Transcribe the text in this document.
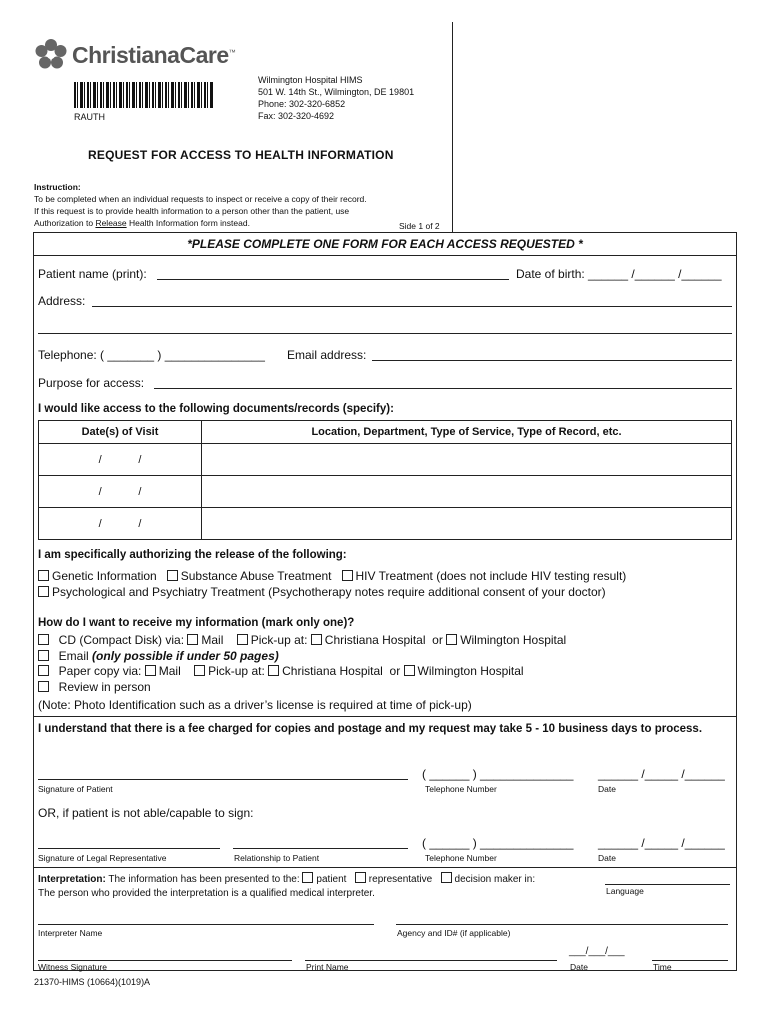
ChristianaCare™
RAUTH
Wilmington Hospital HIMS
501 W. 14th St., Wilmington, DE 19801
Phone: 302-320-6852
Fax: 302-320-4692
REQUEST FOR ACCESS TO HEALTH INFORMATION
Instruction:
To be completed when an individual requests to inspect or receive a copy of their record.
If this request is to provide health information to a person other than the patient, use
Authorization to Release Health Information form instead.	Side 1 of 2
*PLEASE COMPLETE ONE FORM FOR EACH ACCESS REQUESTED *
Patient name (print):	Date of birth: ______ /______ /______
Address:
Telephone: ( _______ ) _______________ Email address:
Purpose for access:
I would like access to the following documents/records (specify):
Date(s) of Visit	Location, Department, Type of Service, Type of Record, etc.
/            /	
/            /	
/            /	
I am specifically authorizing the release of the following:
Genetic Information Substance Abuse Treatment HIV Treatment (does not include HIV testing result)
Psychological and Psychiatry Treatment (Psychotherapy notes require additional consent of your doctor)
How do I want to receive my information (mark only one)?
CD (Compact Disk) via: Mail Pick-up at: Christiana Hospital or Wilmington Hospital
Email (only possible if under 50 pages)
Paper copy via: Mail Pick-up at: Christiana Hospital or Wilmington Hospital
Review in person
(Note: Photo Identification such as a driver’s license is required at time of pick-up)
I understand that there is a fee charged for copies and postage and my request may take 5 - 10 business days to process.
( ______ ) ______________ ______ /_____ /______
Signature of Patient	Telephone Number	Date
OR, if patient is not able/capable to sign:
( ______ ) ______________ ______ /_____ /______
Signature of Legal Representative	Relationship to Patient	Telephone Number	Date
Interpretation: The information has been presented to the: patient representative decision maker in:
The person who provided the interpretation is a qualified medical interpreter.	Language
Interpreter Name	Agency and ID# (if applicable)
___/___/___
Witness Signature	Print Name	Date	Time
21370-HIMS (10664)(1019)A
